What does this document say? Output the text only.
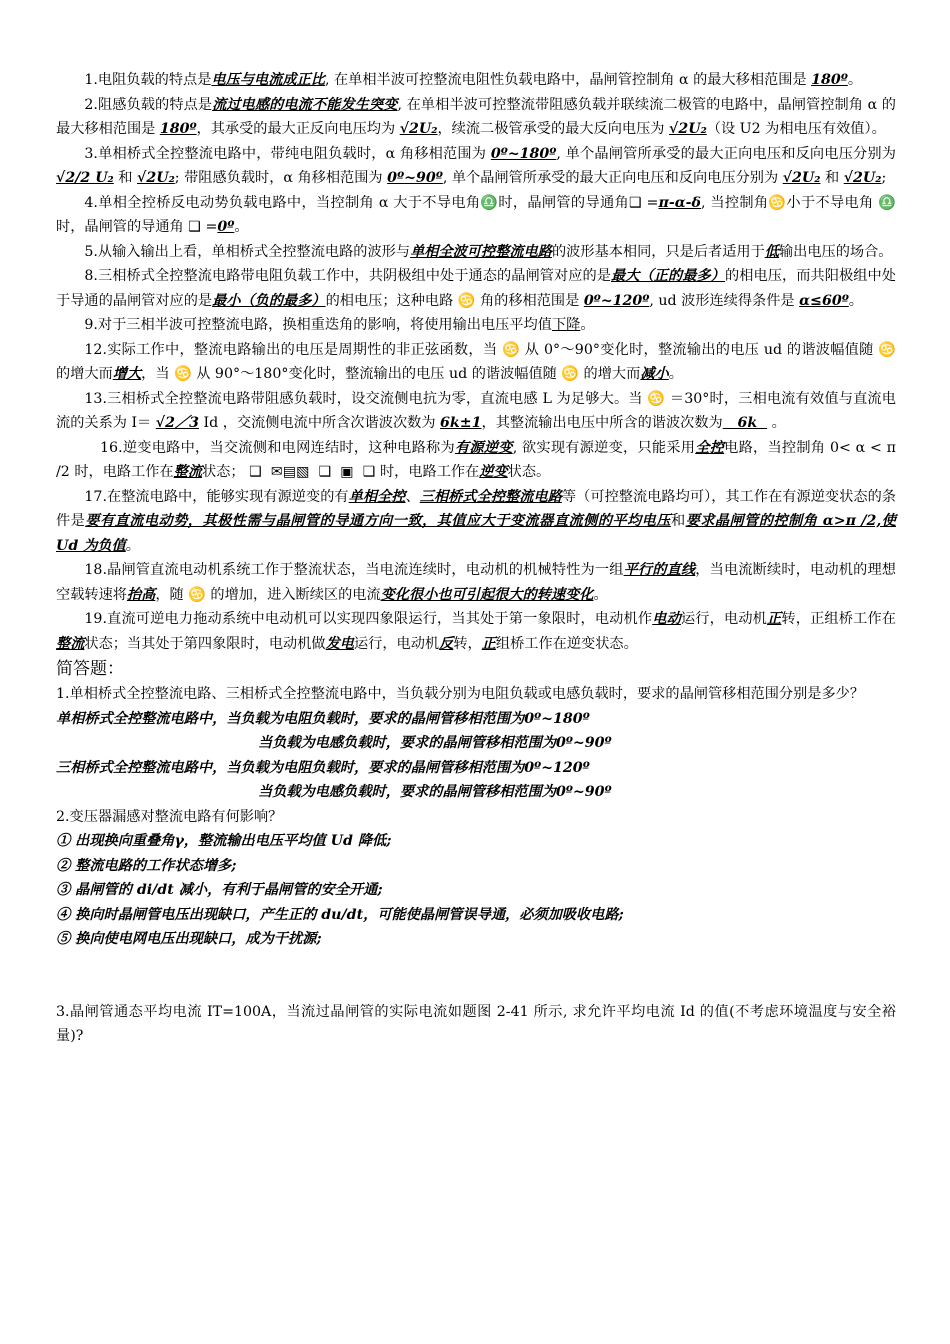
1.电阻负载的特点是电压与电流成正比, 在单相半波可控整流电阻性负载电路中，晶闸管控制角 α 的最大移相范围是 180º。

2.阻感负载的特点是流过电感的电流不能发生突变, 在单相半波可控整流带阻感负载并联续流二极管的电路中，晶闸管控制角 α 的最大移相范围是 180º，其承受的最大正反向电压均为 √2U₂，续流二极管承受的最大反向电压为 √2U₂（设 U2 为相电压有效值）。

3.单相桥式全控整流电路中，带纯电阻负载时，α 角移相范围为 0º~180º, 单个晶闸管所承受的最大正向电压和反向电压分别为 √2/2 U₂ 和 √2U₂; 带阻感负载时，α 角移相范围为 0º~90º, 单个晶闸管所承受的最大正向电压和反向电压分别为 √2U₂ 和 √2U₂;

4.单相全控桥反电动势负载电路中，当控制角 α 大于不导电角♎时，晶闸管的导通角❑ =π-α-δ, 当控制角♋小于不导电角 ♎ 时，晶闸管的导通角 ❑ =0º。

5.从输入输出上看，单相桥式全控整流电路的波形与单相全波可控整流电路的波形基本相同，只是后者适用于低输出电压的场合。

8.三相桥式全控整流电路带电阻负载工作中，共阴极组中处于通态的晶闸管对应的是最大（正的最多）的相电压，而共阳极组中处于导通的晶闸管对应的是最小（负的最多）的相电压；这种电路 ♋ 角的移相范围是 0º~120º, ud 波形连续得条件是 α≤60º。

9.对于三相半波可控整流电路，换相重迭角的影响，将使用输出电压平均值下降。

12.实际工作中，整流电路输出的电压是周期性的非正弦函数，当 ♋ 从 0°～90°变化时，整流输出的电压 ud 的谐波幅值随 ♋ 的增大而增大，当 ♋ 从 90°～180°变化时，整流输出的电压 ud 的谐波幅值随 ♋ 的增大而减小。

13.三相桥式全控整流电路带阻感负载时，设交流侧电抗为零，直流电感 L 为足够大。当 ♋ ＝30°时，三相电流有效值与直流电流的关系为 I＝ √2／3 Id ，交流侧电流中所含次谐波次数为 6k±1，其整流输出电压中所含的谐波次数为   6k   。

16.逆变电路中，当交流侧和电网连结时，这种电路称为有源逆变, 欲实现有源逆变，只能采用全控电路，当控制角 0< α < π /2 时，电路工作在整流状态； ❑  ✉▤▧  ❑  ▣  ❑ 时，电路工作在逆变状态。

17.在整流电路中，能够实现有源逆变的有单相全控、三相桥式全控整流电路等（可控整流电路均可），其工作在有源逆变状态的条件是要有直流电动势，其极性需与晶闸管的导通方向一致，其值应大于变流器直流侧的平均电压和要求晶闸管的控制角 α>π /2,使 Ud 为负值。

18.晶闸管直流电动机系统工作于整流状态，当电流连续时，电动机的机械特性为一组平行的直线，当电流断续时，电动机的理想空载转速将抬高，随 ♋ 的增加，进入断续区的电流变化很小也可引起很大的转速变化。

19.直流可逆电力拖动系统中电动机可以实现四象限运行，当其处于第一象限时，电动机作电动运行，电动机正转，正组桥工作在整流状态；当其处于第四象限时，电动机做发电运行，电动机反转，正组桥工作在逆变状态。

简答题：

1.单相桥式全控整流电路、三相桥式全控整流电路中，当负载分别为电阻负载或电感负载时，要求的晶闸管移相范围分别是多少？

单相桥式全控整流电路中，当负载为电阻负载时，要求的晶闸管移相范围为0º~180º

当负载为电感负载时，要求的晶闸管移相范围为0º~90º

三相桥式全控整流电路中，当负载为电阻负载时，要求的晶闸管移相范围为0º~120º

当负载为电感负载时，要求的晶闸管移相范围为0º~90º

2.变压器漏感对整流电路有何影响？

① 出现换向重叠角γ，整流输出电压平均值 Ud 降低;

② 整流电路的工作状态增多;

③ 晶闸管的 di/dt 减小，有利于晶闸管的安全开通;

④ 换向时晶闸管电压出现缺口，产生正的 du/dt，可能使晶闸管误导通，必须加吸收电路;

⑤ 换向使电网电压出现缺口，成为干扰源;

3.晶闸管通态平均电流 IT=100A，当流过晶闸管的实际电流如题图 2-41 所示, 求允许平均电流 Id 的值(不考虑环境温度与安全裕量)?
